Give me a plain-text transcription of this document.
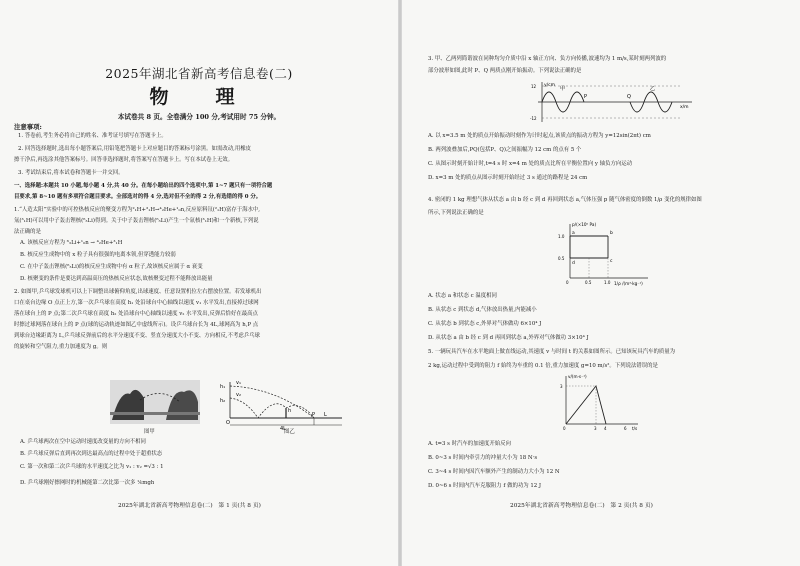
2025年湖北省新高考信息卷(二)
物　理
本试卷共 8 页。全卷满分 100 分,考试用时 75 分钟。
注意事项:
1. 答卷前,考生务必将自己的姓名、准考证号填写在答题卡上。
2. 回答选择题时,选出每小题答案后,用铅笔把答题卡上对应题目的答案标号涂黑。如需改动,用橡皮
擦干净后,再选涂其他答案标号。回答非选择题时,将答案写在答题卡上。写在本试卷上无效。
3. 考试结束后,将本试卷和答题卡一并交回。
一、选择题:本题共 10 小题,每小题 4 分,共 40 分。在每小题给出的四个选项中,第 1~7 题只有一项符合题
目要求,第 8~10 题有多项符合题目要求。全部选对的得 4 分,选对但不全的得 2 分,有选错的得 0 分。
1.“人造太阳”实验中的可控热核反应的聚变方程为²₁H+³₁H→⁴₂He+¹₀n,反应原料氘(²₁H)富存于海水中,
氚(³₁H)可以用中子轰击锂核(⁶₃Li)得到。关于中子轰击锂核(⁶₃Li)产生一个氚核(³₁H)和一个新核,下列说
法正确的是
A. 该核反应方程为 ⁶₃Li+¹₀n → ⁴₂He+³₁H
B. 核反应生成物中的 x 粒子具有很强的电离本领,但穿透能力较弱
C. 在中子轰击锂核(⁶₃Li)的核反应生成物中有 α 粒子,故该核反应属于 α 衰变
D. 核聚变的条件是要达到高温高压的热核反应状态,故核聚变过程不能释放出能量
2. 如图甲,乒乓球发球机可以上下调整出球俯仰角度,出球速度、任意设置机位左右摆放位置。若发球机出
口在桌台边缘 O 点正上方,第一次乒乓球在高度 h₁ 处沿球台中心轴线以速度 v₁ 水平发出,直接掉过球网
落在球台上的 P 点;第二次乒乓球在高度 h₂ 处沿球台中心轴线以速度 v₂ 水平发出,反弹后恰好在最高点
时擦过球网落在球台上的 P 点(球的运动轨迹如图乙中虚线所示)。设乒乓球台长为 4L,球网高为 h,P 点
到球台边缘距离为 L,乒乓球反弹前后的水平分速度不变、竖直分速度大小不变、方向相反,不考虑乒乓球
的旋转和空气阻力,重力加速度为 g。则
图甲
h₁
h₂
v₁
v₂
O
P
h
L
4L
图乙
A. 乒乓球两次在空中运动时速度改变量的方向不相同
B. 乒乓球反弹后直到再次到达最高点的过程中处于超重状态
C. 第一次和第二次乒乓球的水平速度之比为 v₁ : v₂ =√3 : 1
D. 乒乓球刚好擦网时的机械能第二次比第一次多 ⅙mgh
2025年湖北省新高考物理信息卷(二)　第 1 页(共 8 页)
3. 甲、乙两列简谐波在同种均匀介质中沿 x 轴正方向、负方向传播,波速均为 1 m/s,某时刻两列波的
部分波形如图,此时 P、Q 两质点刚开始振动。下列说法正确的是
y/cm
x/m
12
-12
甲	乙
P	Q
A. 以 x=3.5 m 处的质点开始振动时刻作为计时起点,该质点的振动方程为 y=12sin(2πt) cm
B. 两列波叠加后,PQ(包括P、Q)之间振幅为 12 cm 的点有 5 个
C. 从图示时刻开始计时,t=4 s 时 x=4 m 处的质点比所在平衡位置向 y 轴负方向运动
D. x=3 m 处的质点从图示时刻开始经过 3 s 通过的路程是 24 cm
4. 密闭的 1 kg 理想气体从状态 a 由 b 经 c 到 d 再回到状态 a,气体压强 p 随气体密度的倒数 1/ρ 变化的规律如图
所示,下列说法正确的是
p/(×10⁵ Pa)
1/ρ /(m³·kg⁻¹)
1.0
0.5
0	0.5	1.0
a	b
c
d
A. 状态 a 和状态 c 温度相同
B. 从状态 c 到状态 d,气体放出热量,内能减小
C. 从状态 b 到状态 c,外界对气体做功 6×10⁴ J
D. 从状态 a 由 b 经 c 到 d 再回到状态 a,外界对气体做功 3×10⁴ J
5. 一辆玩具汽车在水平地面上做直线运动,其速度 v 与时间 t 的关系如图所示。已知该玩具汽车的质量为
2 kg,运动过程中受到的阻力 f 始终为车重的 0.1 倍,重力加速度 g=10 m/s²。下列说法错误的是
v/(m·s⁻¹)
t/s
3
0	3 4	6
A. t=3 s 时汽车的加速度开始反向
B. 0~3 s 时间内牵引力的冲量大小为 18 N·s
C. 3~4 s 时间内因汽车额外产生的制动力大小为 12 N
D. 0~6 s 时间内汽车克服阻力 f 做的功为 12 J
2025年湖北省新高考物理信息卷(二)　第 2 页(共 8 页)
